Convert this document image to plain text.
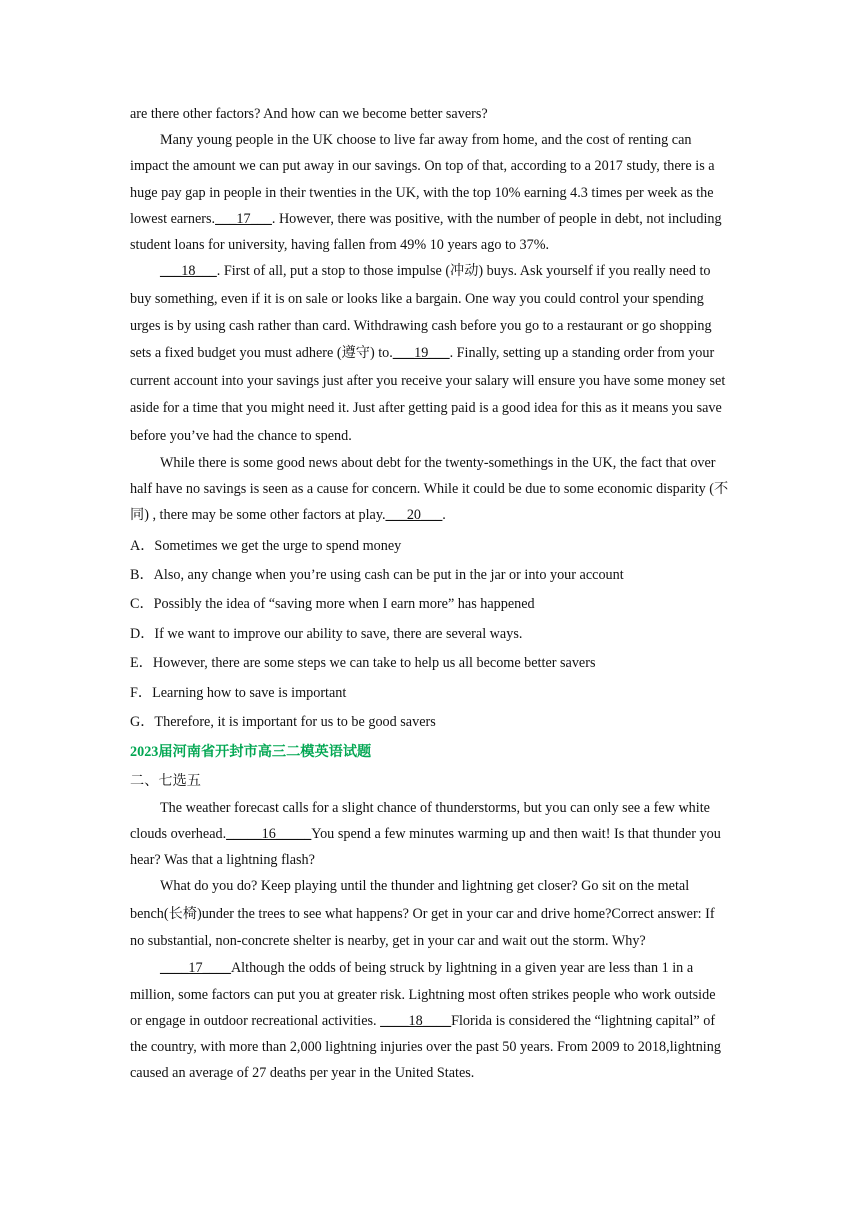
are there other factors? And how can we become better savers?

Many young people in the UK choose to live far away from home, and the cost of renting can impact the amount we can put away in our savings. On top of that, according to a 2017 study, there is a huge pay gap in people in their twenties in the UK, with the top 10% earning 4.3 times per week as the lowest earners.___17___. However, there was positive, with the number of people in debt, not including student loans for university, having fallen from 49% 10 years ago to 37%.

___18___. First of all, put a stop to those impulse (冲动) buys. Ask yourself if you really need to buy something, even if it is on sale or looks like a bargain. One way you could control your spending urges is by using cash rather than card. Withdrawing cash before you go to a restaurant or go shopping sets a fixed budget you must adhere (遵守) to.___19___. Finally, setting up a standing order from your current account into your savings just after you receive your salary will ensure you have some money set aside for a time that you might need it. Just after getting paid is a good idea for this as it means you save before you’ve had the chance to spend.

While there is some good news about debt for the twenty-somethings in the UK, the fact that over half have no savings is seen as a cause for concern. While it could be due to some economic disparity (不同) , there may be some other factors at play.___20___.

A．Sometimes we get the urge to spend money

B．Also, any change when you’re using cash can be put in the jar or into your account

C．Possibly the idea of “saving more when I earn more” has happened

D．If we want to improve our ability to save, there are several ways.

E．However, there are some steps we can take to help us all become better savers

F．Learning how to save is important

G．Therefore, it is important for us to be good savers

2023届河南省开封市高三二模英语试题

二、七选五

The weather forecast calls for a slight chance of thunderstorms, but you can only see a few white clouds overhead._____16_____You spend a few minutes warming up and then wait! Is that thunder you hear? Was that a lightning flash?

What do you do? Keep playing until the thunder and lightning get closer? Go sit on the metal bench(长椅)under the trees to see what happens? Or get in your car and drive home?Correct answer: If no substantial, non-concrete shelter is nearby, get in your car and wait out the storm. Why?

____17____Although the odds of being struck by lightning in a given year are less than 1 in a million, some factors can put you at greater risk. Lightning most often strikes people who work outside or engage in outdoor recreational activities. ____18____Florida is considered the “lightning capital” of the country, with more than 2,000 lightning injuries over the past 50 years. From 2009 to 2018,lightning caused an average of 27 deaths per year in the United States.
